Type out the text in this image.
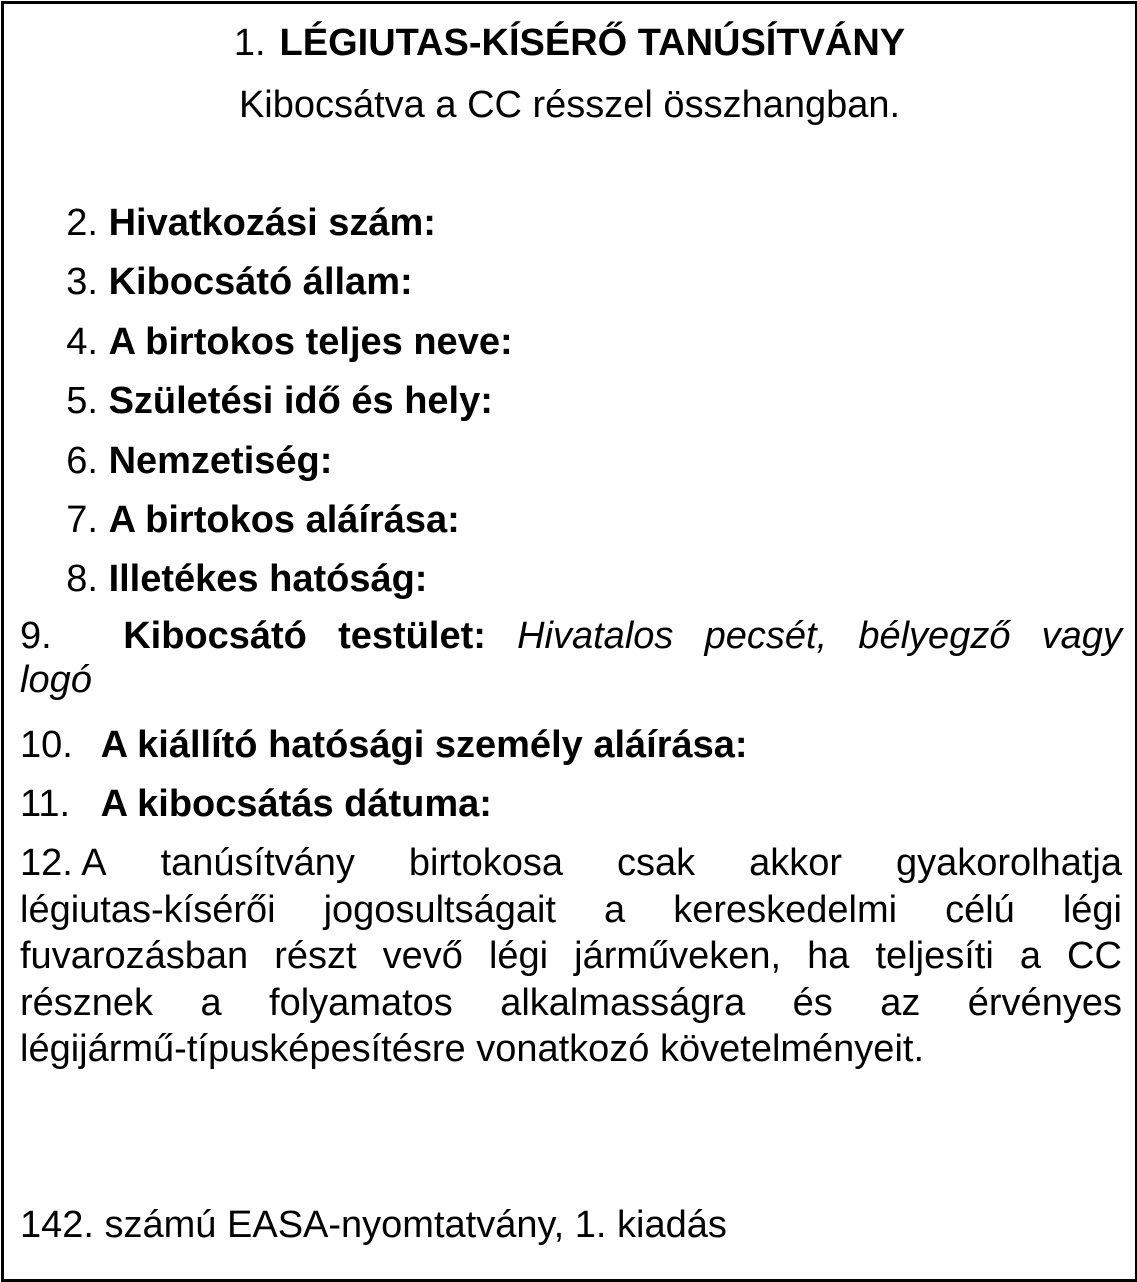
1. LÉGIUTAS-KÍSÉRŐ TANÚSÍTVÁNY
Kibocsátva a CC résszel összhangban.
2. Hivatkozási szám:
3. Kibocsátó állam:
4. A birtokos teljes neve:
5. Születési idő és hely:
6. Nemzetiség:
7. A birtokos aláírása:
8. Illetékes hatóság:
9.	Kibocsátó testület: Hivatalos pecsét, bélyegző vagy
logó
10. A kiállító hatósági személy aláírása:
11. A kibocsátás dátuma:
12. A tanúsítvány birtokosa csak akkor gyakorolhatja
légiutas-kísérői jogosultságait a kereskedelmi célú légi
fuvarozásban részt vevő légi járműveken, ha teljesíti a CC
résznek a folyamatos alkalmasságra és az érvényes
légijármű-típusképesítésre vonatkozó követelményeit.
142. számú EASA-nyomtatvány, 1. kiadás
